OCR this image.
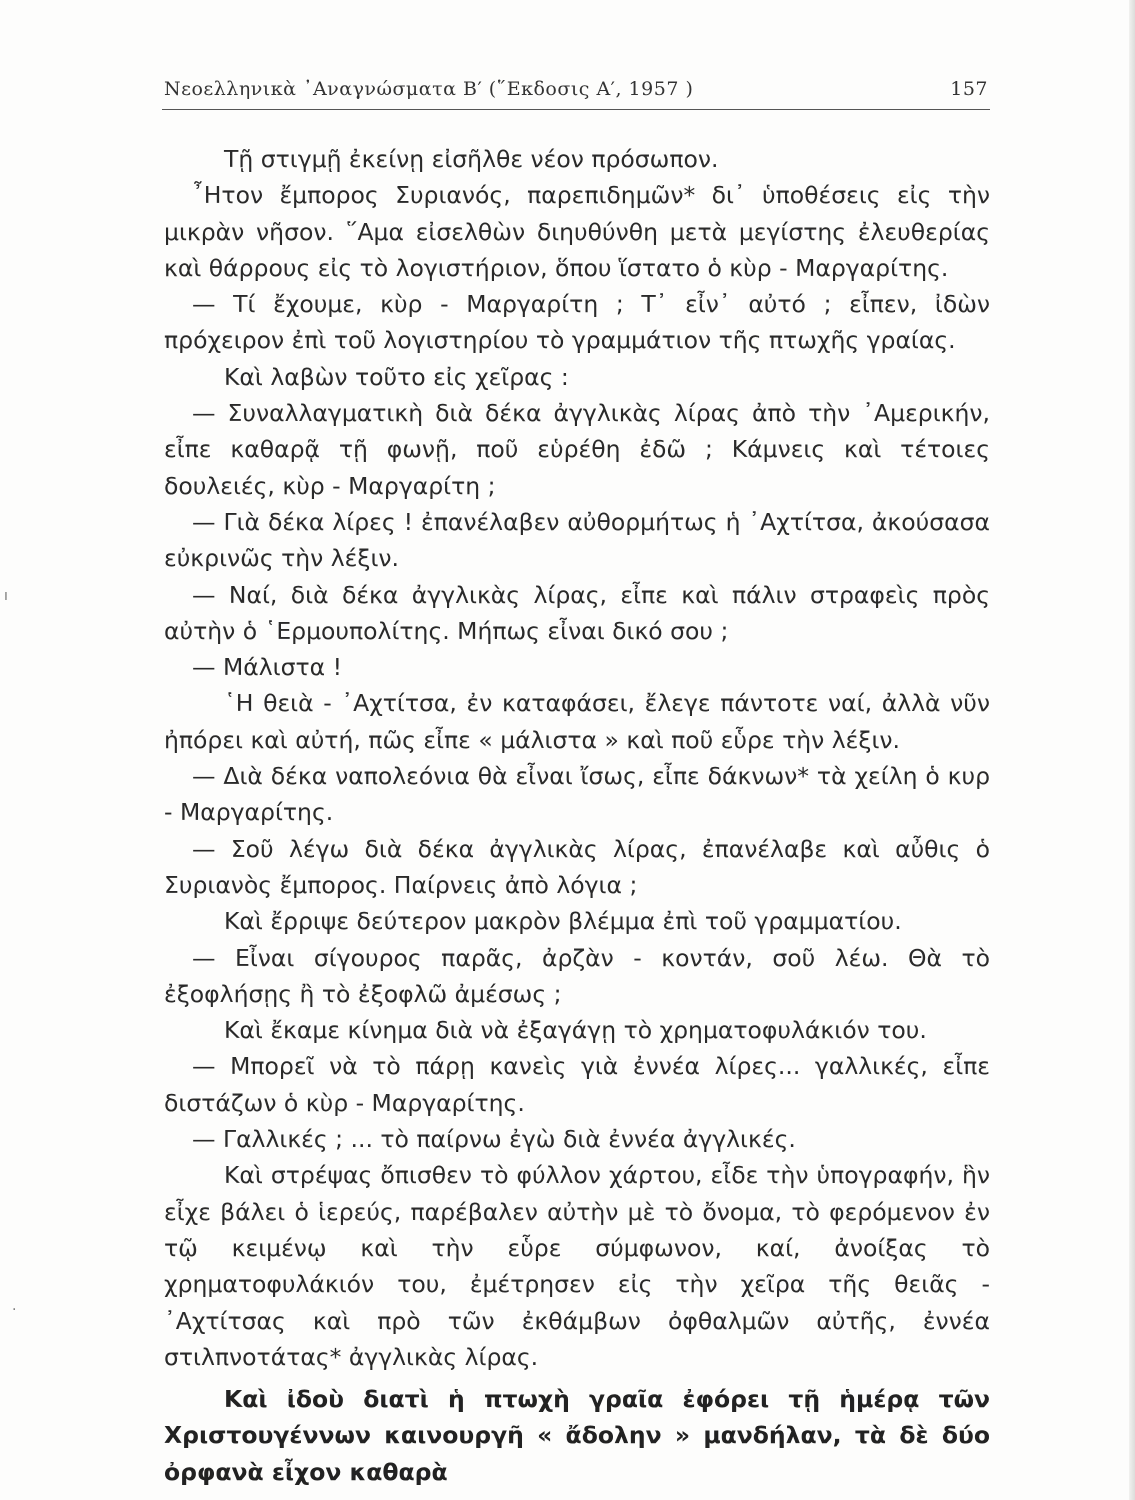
Νεοελληνικὰ ᾿Αναγνώσματα Β′ (῞Εκδοσις Α′, 1957 )	157
ı
·

Τῇ στιγμῇ ἐκείνῃ εἰσῆλθε νέον πρόσωπον.

῏Ητον ἔμπορος Συριανός, παρεπιδημῶν* δι᾿ ὑποθέσεις εἰς τὴν μικρὰν νῆσον. ῞Αμα εἰσελθὼν διηυθύνθη μετὰ μεγίστης ἐλευθερίας καὶ θάρρους εἰς τὸ λογιστήριον, ὅπου ἵστατο ὁ κὺρ - Μαργαρίτης.

— Τί ἔχουμε, κὺρ - Μαργαρίτη ; Τ᾿ εἶν᾿ αὐτό ; εἶπεν, ἰδὼν πρόχειρον ἐπὶ τοῦ λογιστηρίου τὸ γραμμάτιον τῆς πτωχῆς γραίας.

Καὶ λαβὼν τοῦτο εἰς χεῖρας :

— Συναλλαγματικὴ διὰ δέκα ἀγγλικὰς λίρας ἀπὸ τὴν ᾿Αμερικήν, εἶπε καθαρᾷ τῇ φωνῇ, ποῦ εὑρέθη ἐδῶ ; Κάμνεις καὶ τέτοιες δουλειές, κὺρ - Μαργαρίτη ;

— Γιὰ δέκα λίρες ! ἐπανέλαβεν αὐθορμήτως ἡ ᾿Αχτίτσα, ἀκούσασα εὐκρινῶς τὴν λέξιν.

— Ναί, διὰ δέκα ἀγγλικὰς λίρας, εἶπε καὶ πάλιν στραφεὶς πρὸς αὐτὴν ὁ ῾Ερμουπολίτης. Μήπως εἶναι δικό σου ;

— Μάλιστα !

῾Η θειὰ - ᾿Αχτίτσα, ἐν καταφάσει, ἔλεγε πάντοτε ναί, ἀλλὰ νῦν ἠπόρει καὶ αὐτή, πῶς εἶπε « μάλιστα » καὶ ποῦ εὗρε τὴν λέξιν.

— Διὰ δέκα ναπολεόνια θὰ εἶναι ἴσως, εἶπε δάκνων* τὰ χείλη ὁ κυρ - Μαργαρίτης.

— Σοῦ λέγω διὰ δέκα ἀγγλικὰς λίρας, ἐπανέλαβε καὶ αὖθις ὁ Συριανὸς ἔμπορος. Παίρνεις ἀπὸ λόγια ;

Καὶ ἔρριψε δεύτερον μακρὸν βλέμμα ἐπὶ τοῦ γραμματίου.

— Εἶναι σίγουρος παρᾶς, ἀρζὰν - κοντάν, σοῦ λέω. Θὰ τὸ ἐξοφλήσῃς ἢ τὸ ἐξοφλῶ ἀμέσως ;

Καὶ ἔκαμε κίνημα διὰ νὰ ἐξαγάγῃ τὸ χρηματοφυλάκιόν του.

— Μπορεῖ νὰ τὸ πάρῃ κανεὶς γιὰ ἐννέα λίρες... γαλλικές, εἶπε διστάζων ὁ κὺρ - Μαργαρίτης.

— Γαλλικές ; ... τὸ παίρνω ἐγὼ διὰ ἐννέα ἀγγλικές.

Καὶ στρέψας ὄπισθεν τὸ φύλλον χάρτου, εἶδε τὴν ὑπογραφήν, ἣν εἶχε βάλει ὁ ἱερεύς, παρέβαλεν αὐτὴν μὲ τὸ ὄνομα, τὸ φερόμενον ἐν τῷ κειμένῳ καὶ τὴν εὗρε σύμφωνον, καί, ἀνοίξας τὸ χρηματοφυλάκιόν του, ἐμέτρησεν εἰς τὴν χεῖρα τῆς θειᾶς - ᾿Αχτίτσας καὶ πρὸ τῶν ἐκθάμβων ὀφθαλμῶν αὐτῆς, ἐννέα στιλπνοτάτας* ἀγγλικὰς λίρας.

Καὶ ἰδοὺ διατὶ ἡ πτωχὴ γραῖα ἐφόρει τῇ ἡμέρᾳ τῶν Χριστουγέννων καινουργῆ « ἄδολην » μανδήλαν, τὰ δὲ δύο ὀρφανὰ εἶχον καθαρὰ
